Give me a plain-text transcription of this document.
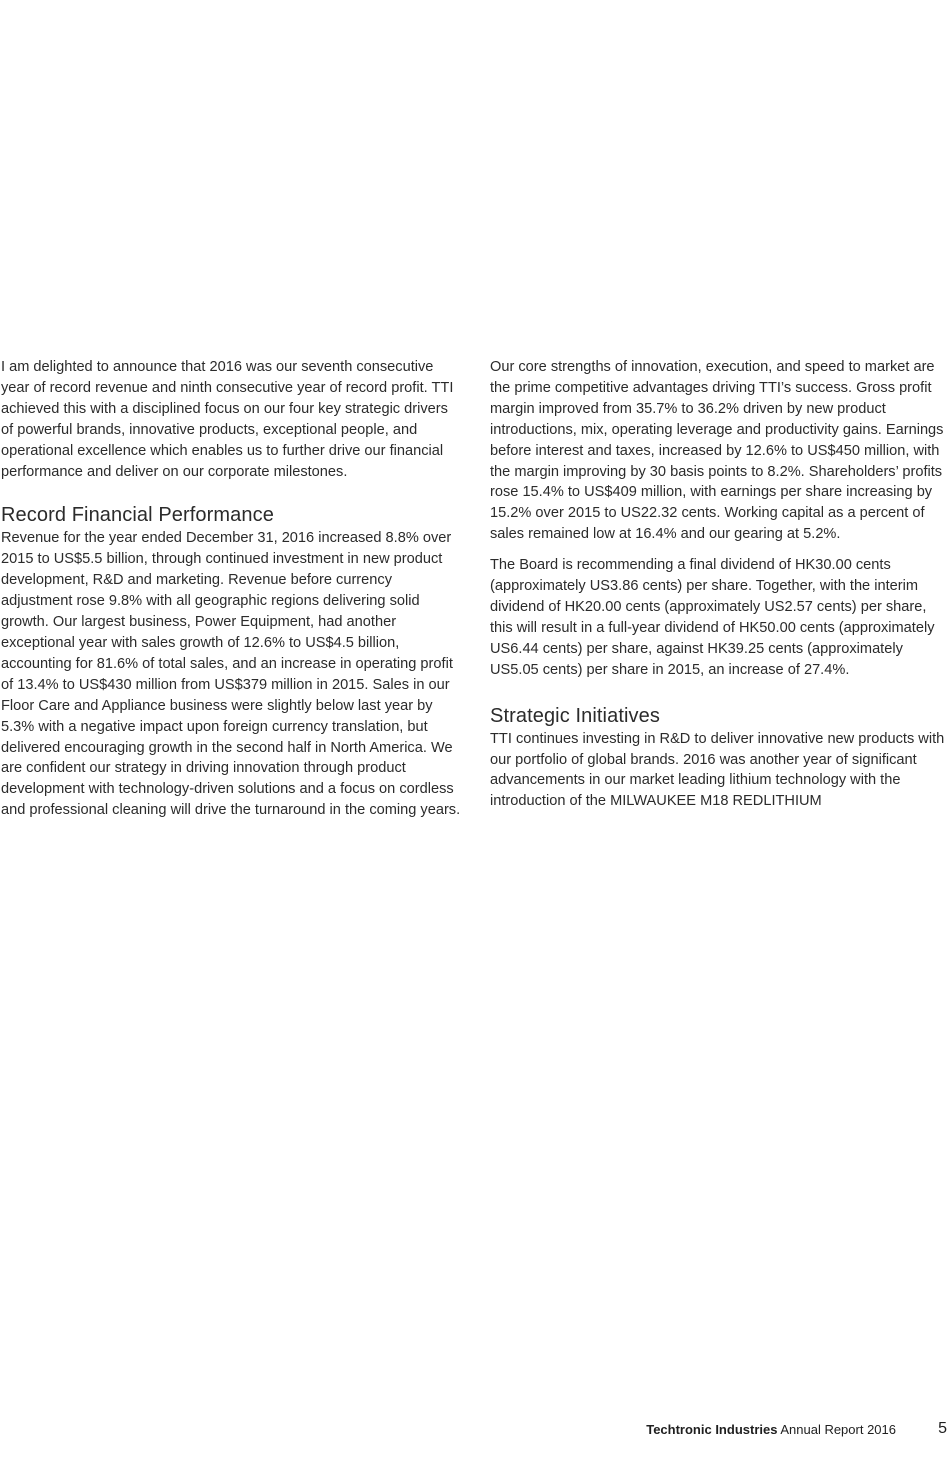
I am delighted to announce that 2016 was our seventh consecutive year of record revenue and ninth consecutive year of record profit. TTI achieved this with a disciplined focus on our four key strategic drivers of powerful brands, innovative products, exceptional people, and operational excellence which enables us to further drive our financial performance and deliver on our corporate milestones.

Record Financial Performance

Revenue for the year ended December 31, 2016 increased 8.8% over 2015 to US$5.5 billion, through continued investment in new product development, R&D and marketing. Revenue before currency adjustment rose 9.8% with all geographic regions delivering solid growth. Our largest business, Power Equipment, had another exceptional year with sales growth of 12.6% to US$4.5 billion, accounting for 81.6% of total sales, and an increase in operating profit of 13.4% to US$430 million from US$379 million in 2015. Sales in our Floor Care and Appliance business were slightly below last year by 5.3% with a negative impact upon foreign currency translation, but delivered encouraging growth in the second half in North America. We are confident our strategy in driving innovation through product development with technology-driven solutions and a focus on cordless and professional cleaning will drive the turnaround in the coming years.

Our core strengths of innovation, execution, and speed to market are the prime competitive advantages driving TTI’s success. Gross profit margin improved from 35.7% to 36.2% driven by new product introductions, mix, operating leverage and productivity gains. Earnings before interest and taxes, increased by 12.6% to US$450 million, with the margin improving by 30 basis points to 8.2%. Shareholders’ profits rose 15.4% to US$409 million, with earnings per share increasing by 15.2% over 2015 to US22.32 cents. Working capital as a percent of sales remained low at 16.4% and our gearing at 5.2%.

The Board is recommending a final dividend of HK30.00 cents (approximately US3.86 cents) per share. Together, with the interim dividend of HK20.00 cents (approximately US2.57 cents) per share, this will result in a full-year dividend of HK50.00 cents (approximately US6.44 cents) per share, against HK39.25 cents (approximately US5.05 cents) per share in 2015, an increase of 27.4%.

Strategic Initiatives

TTI continues investing in R&D to deliver innovative new products with our portfolio of global brands. 2016 was another year of significant advancements in our market leading lithium technology with the introduction of the MILWAUKEE M18 REDLITHIUM

Techtronic Industries Annual Report 2016	5
